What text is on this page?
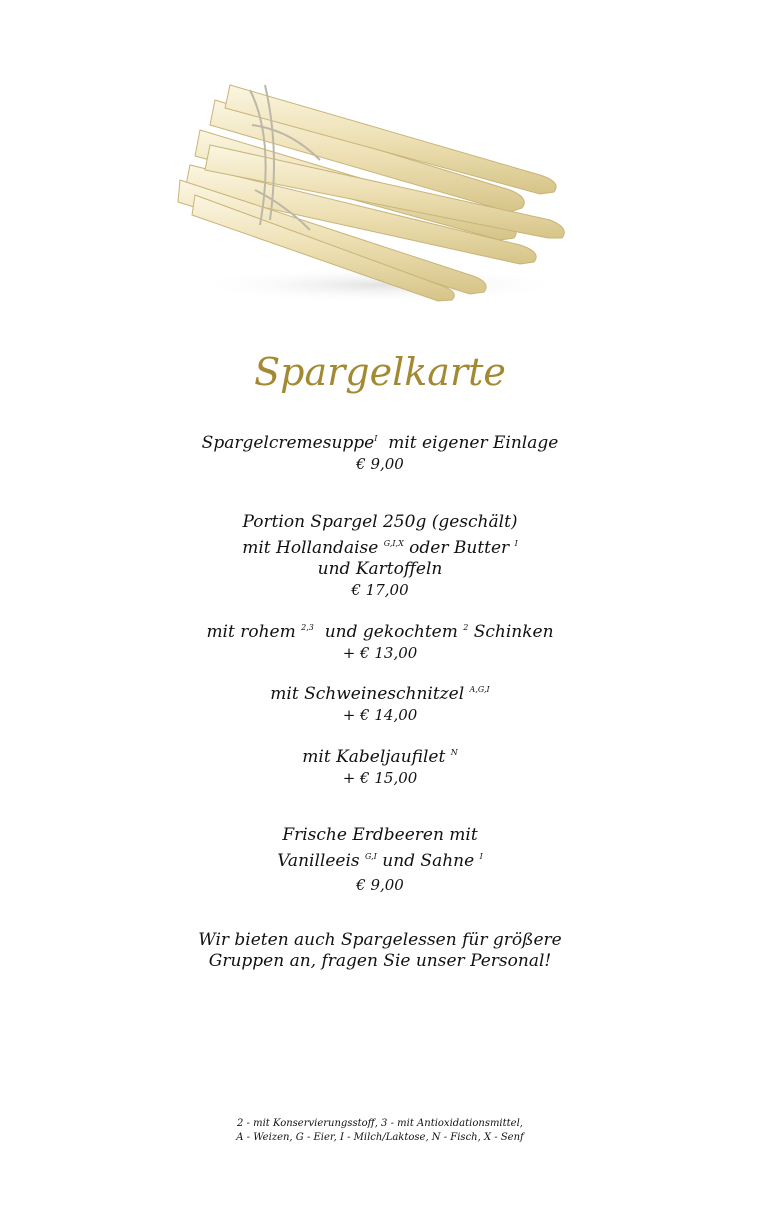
Spargelkarte
Spargelcremesuppe$^I$ mit eigener Einlage
€ 9,00
Portion Spargel 250g (geschält)
mit Hollandaise $^{G,I,X}$ oder Butter $^I$
und Kartoffeln
€ 17,00
mit rohem $^{2,3}$ und gekochtem $^2$ Schinken
+ € 13,00
mit Schweineschnitzel $^{A,G,I}$
+ € 14,00
mit Kabeljaufilet $^N$
+ € 15,00
Frische Erdbeeren mit
Vanilleeis $^{G,I}$ und Sahne $^I$
€ 9,00
Wir bieten auch Spargelessen für größere
Gruppen an, fragen Sie unser Personal!
2 - mit Konservierungsstoff, 3 - mit Antioxidationsmittel,
A - Weizen, G - Eier, I - Milch/Laktose, N - Fisch, X - Senf
